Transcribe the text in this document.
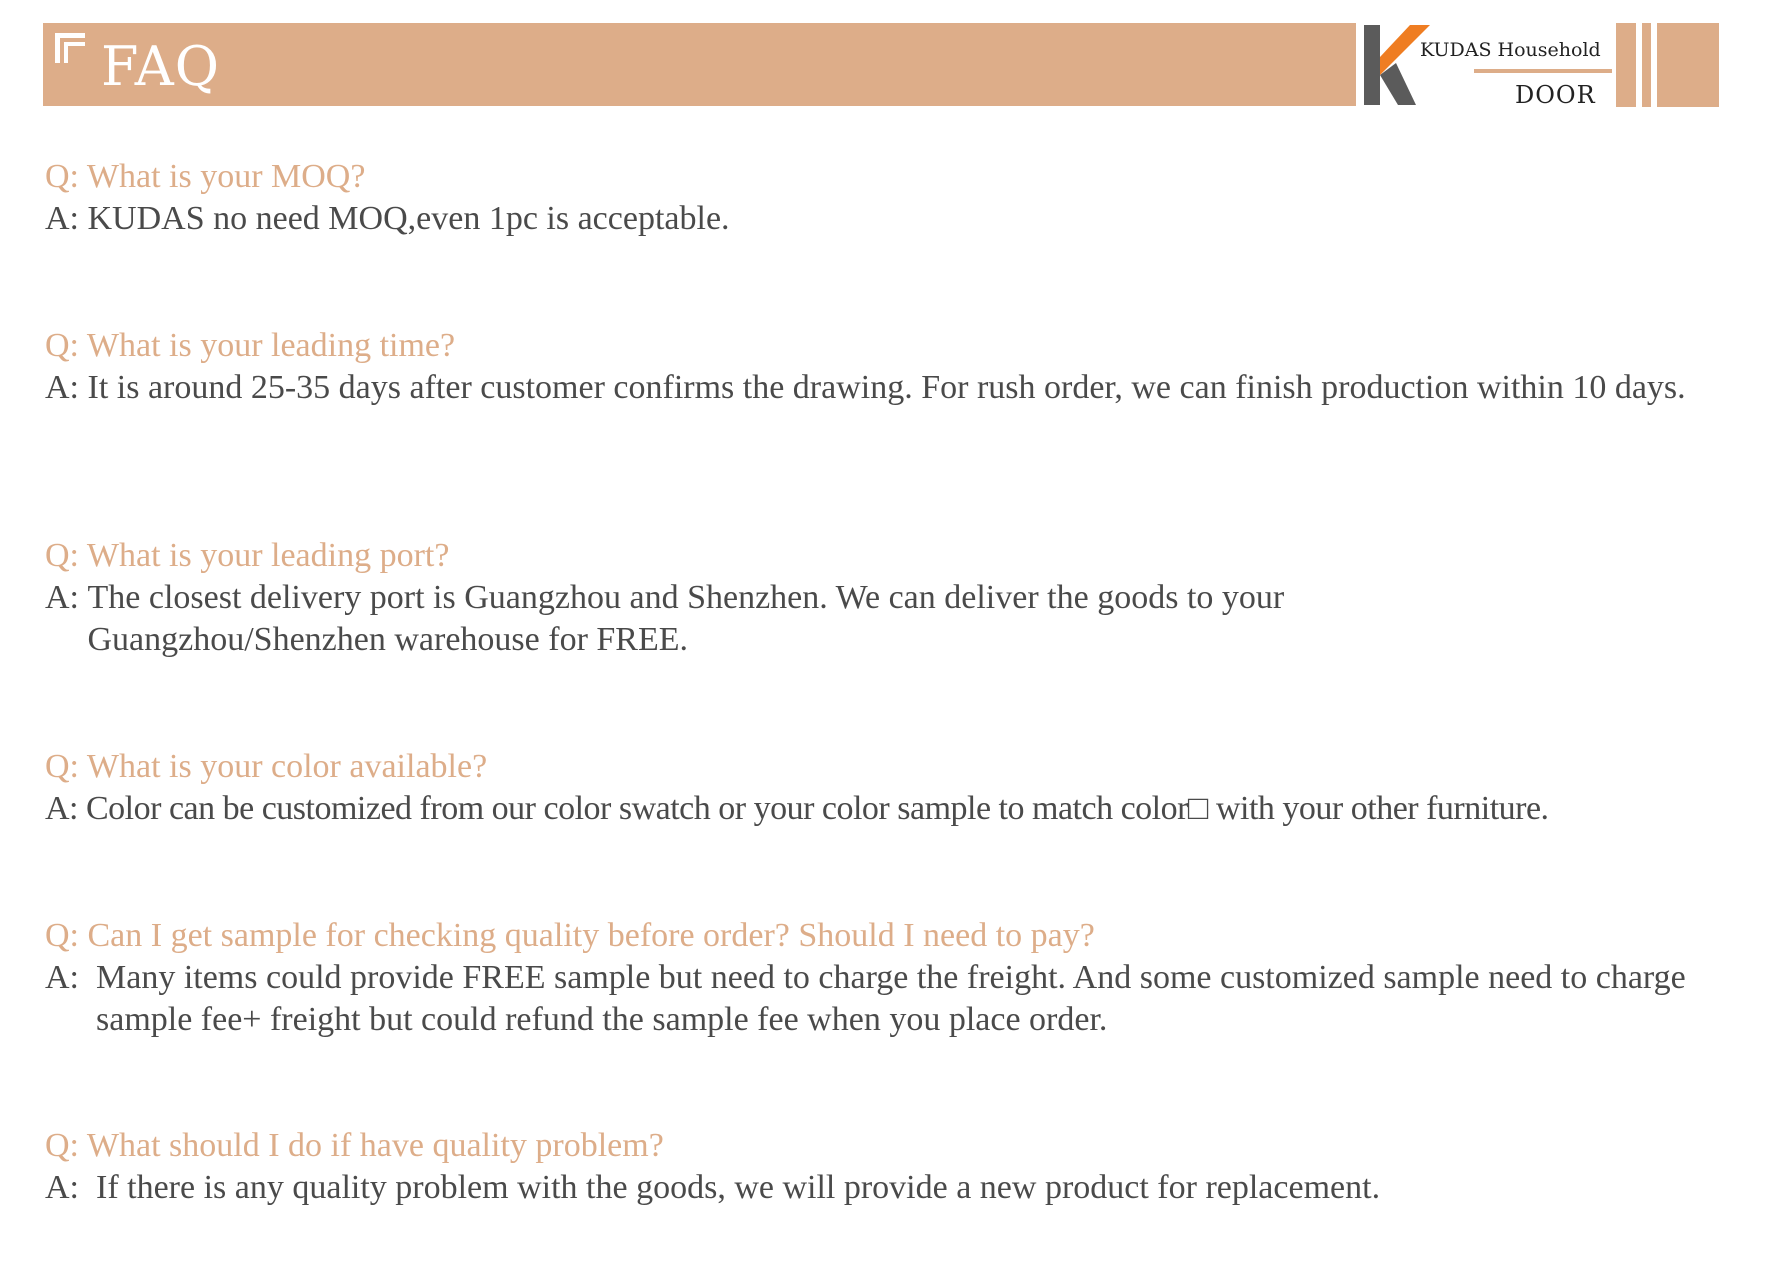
FAQ	KUDAS Household
DOOR
Q: What is your MOQ?
A: KUDAS no need MOQ,even 1pc is acceptable.
Q: What is your leading time?
A: It is around 25-35 days after customer confirms the drawing. For rush order, we can finish production within 10 days.
Q: What is your leading port?
A: The closest delivery port is Guangzhou and Shenzhen. We can deliver the goods to your Guangzhou/Shenzhen warehouse for FREE.
Q: What is your color available?
A: Color can be customized from our color swatch or your color sample to match color□ with your other furniture.
Q: Can I get sample for checking quality before order? Should I need to pay?
A: Many items could provide FREE sample but need to charge the freight. And some customized sample need to charge sample fee+ freight but could refund the sample fee when you place order.
Q: What should I do if have quality problem?
A: If there is any quality problem with the goods, we will provide a new product for replacement.
